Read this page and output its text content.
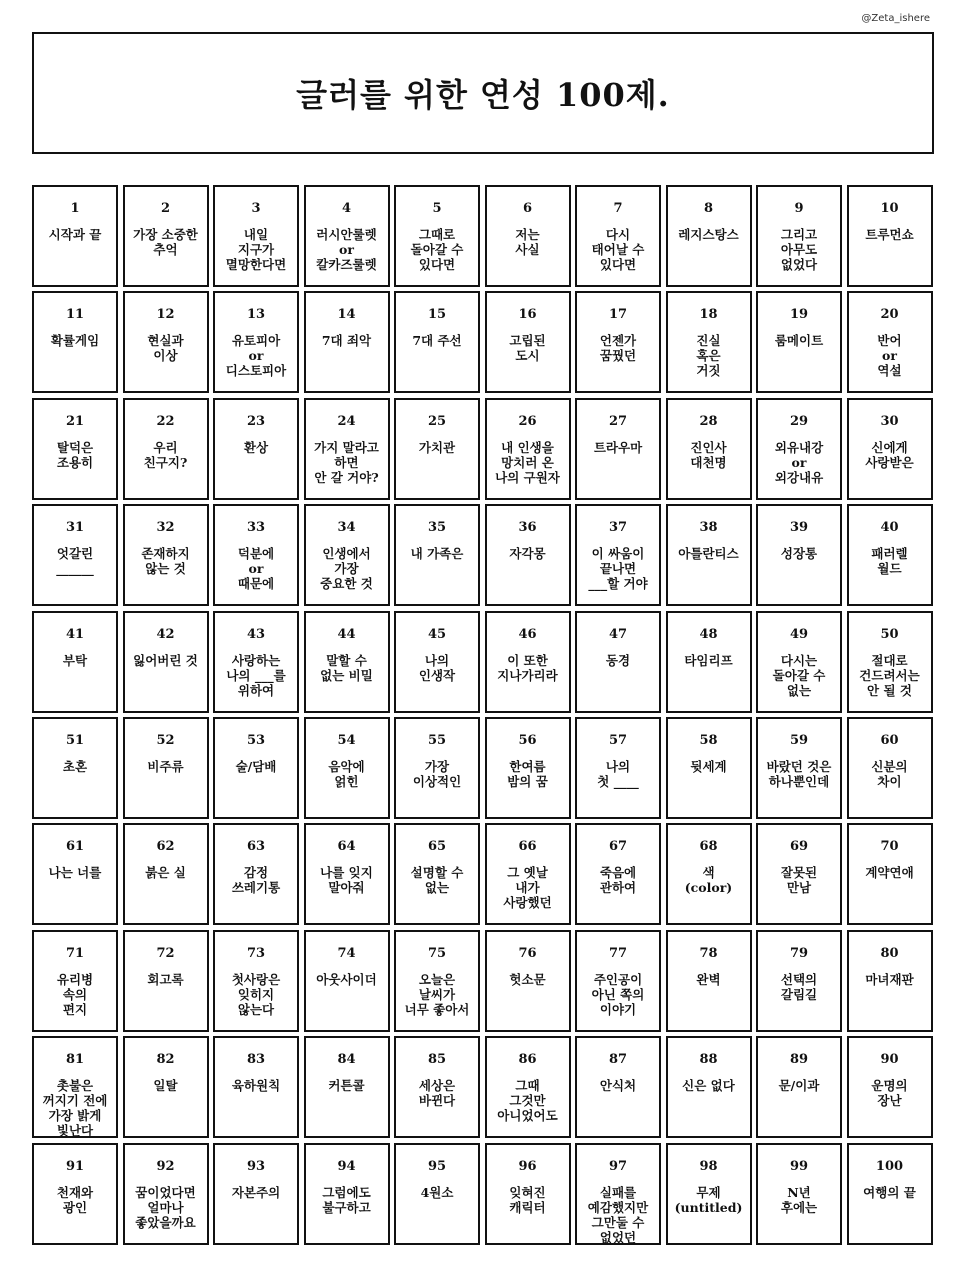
@Zeta_ishere
글러를 위한 연성 100제.
1
시작과 끝
2
가장 소중한
추억
3
내일
지구가
멸망한다면
4
러시안룰렛
or
칼카즈룰렛
5
그때로
돌아갈 수
있다면
6
저는
사실
7
다시
태어날 수
있다면
8
레지스탕스
9
그리고
아무도
없었다
10
트루먼쇼
11
확률게임
12
현실과
이상
13
유토피아
or
디스토피아
14
7대 죄악
15
7대 주선
16
고립된
도시
17
언젠가
꿈꿨던
18
진실
혹은
거짓
19
룸메이트
20
반어
or
역설
21
탈덕은
조용히
22
우리
친구지?
23
환상
24
가지 말라고
하면
안 갈 거야?
25
가치관
26
내 인생을
망치러 온
나의 구원자
27
트라우마
28
진인사
대천명
29
외유내강
or
외강내유
30
신에게
사랑받은
31
엇갈린
______
32
존재하지
않는 것
33
덕분에
or
때문에
34
인생에서
가장
중요한 것
35
내 가족은
36
자각몽
37
이 싸움이
끝나면
___할 거야
38
아틀란티스
39
성장통
40
패러렐
월드
41
부탁
42
잃어버린 것
43
사랑하는
나의 ___를
위하여
44
말할 수
없는 비밀
45
나의
인생작
46
이 또한
지나가리라
47
동경
48
타임리프
49
다시는
돌아갈 수
없는
50
절대로
건드려서는
안 될 것
51
초혼
52
비주류
53
술/담배
54
음악에
얽힌
55
가장
이상적인
56
한여름
밤의 꿈
57
나의
첫 ____
58
뒷세계
59
바랐던 것은
하나뿐인데
60
신분의
차이
61
나는 너를
62
붉은 실
63
감정
쓰레기통
64
나를 잊지
말아줘
65
설명할 수
없는
66
그 옛날
내가
사랑했던
67
죽음에
관하여
68
색
(color)
69
잘못된
만남
70
계약연애
71
유리병
속의
편지
72
회고록
73
첫사랑은
잊히지
않는다
74
아웃사이더
75
오늘은
날씨가
너무 좋아서
76
헛소문
77
주인공이
아닌 쪽의
이야기
78
완벽
79
선택의
갈림길
80
마녀재판
81
촛불은
꺼지기 전에
가장 밝게
빛난다
82
일탈
83
육하원칙
84
커튼콜
85
세상은
바뀐다
86
그때
그것만
아니었어도
87
안식처
88
신은 없다
89
문/이과
90
운명의
장난
91
천재와
광인
92
꿈이었다면
얼마나
좋았을까요
93
자본주의
94
그럼에도
불구하고
95
4원소
96
잊혀진
캐릭터
97
실패를
예감했지만
그만둘 수
없었던
98
무제
(untitled)
99
N년
후에는
100
여행의 끝
